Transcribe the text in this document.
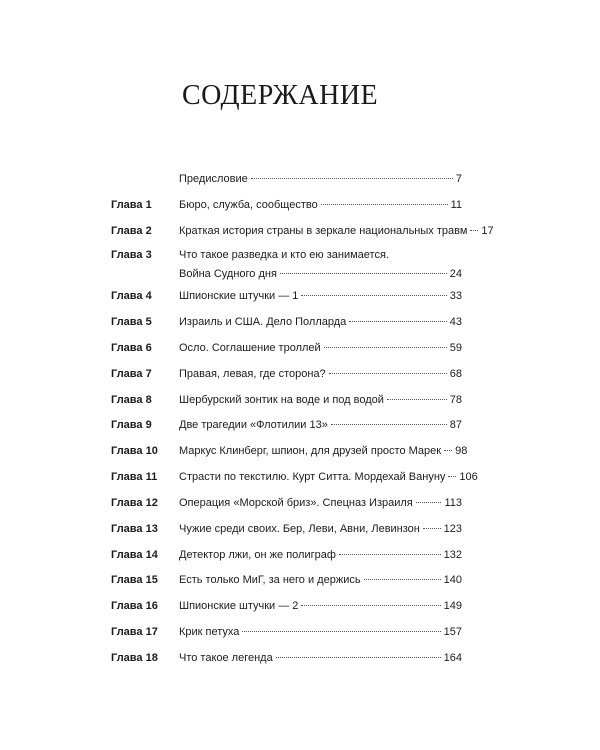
СОДЕРЖАНИЕ
Предисловие	7
Глава 1 Бюро, служба, сообщество	11
Глава 2 Краткая история страны в зеркале национальных травм 17
Глава 3 Что такое разведка и кто ею занимается.
Война Судного дня	24
Глава 4 Шпионские штучки — 1	33
Глава 5 Израиль и США. Дело Полларда	43
Глава 6 Осло. Соглашение троллей	59
Глава 7 Правая, левая, где сторона?	68
Глава 8 Шербурский зонтик на воде и под водой	78
Глава 9 Две трагедии «Флотилии 13»	87
Глава 10 Маркус Клинберг, шпион, для друзей просто Марек 98
Глава 11 Страсти по текстилю. Курт Ситта. Мордехай Вануну 106
Глава 12 Операция «Морской бриз». Спецназ Израиля	113
Глава 13 Чужие среди своих. Бер, Леви, Авни, Левинзон 123
Глава 14 Детектор лжи, он же полиграф	132
Глава 15 Есть только МиГ, за него и держись	140
Глава 16 Шпионские штучки — 2	149
Глава 17 Крик петуха	157
Глава 18 Что такое легенда	164
